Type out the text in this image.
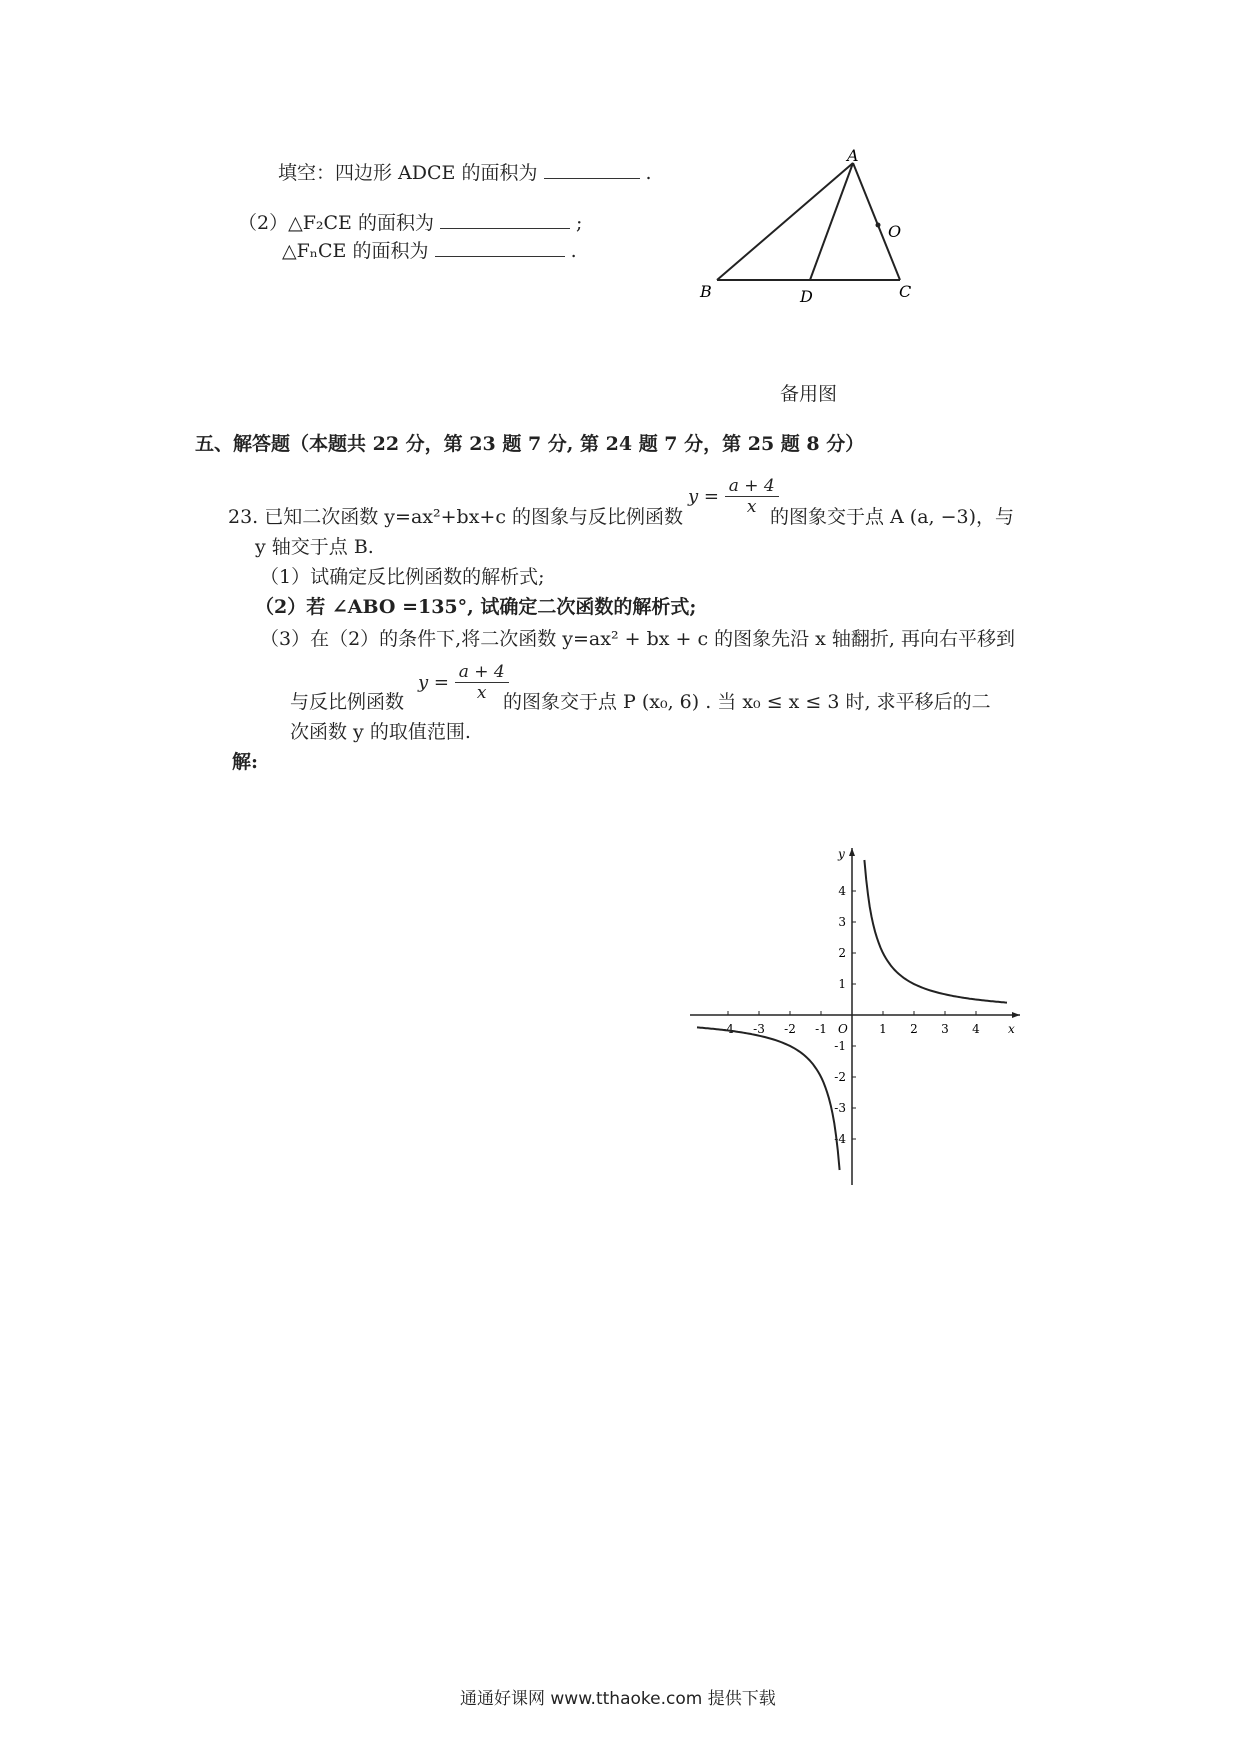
填空：四边形 ADCE 的面积为	.
（2）△F₂CE 的面积为	;
△FₙCE 的面积为	.
A
B	C
D
O
备用图
五、解答题（本题共 22 分，第 23 题 7 分, 第 24 题 7 分，第 25 题 8 分）
23. 已知二次函数 y=ax²+bx+c 的图象与反比例函数
$y = \frac{a + 4}{x}$
的图象交于点 A (a, −3)，与
y 轴交于点 B.
（1）试确定反比例函数的解析式;
（2）若 ∠ABO =135°, 试确定二次函数的解析式;
（3）在（2）的条件下,将二次函数 y=ax² + bx + c 的图象先沿 x 轴翻折, 再向右平移到
与反比例函数
$y = \frac{a + 4}{x}$
的图象交于点 P (x₀, 6) . 当 x₀ ≤ x ≤ 3 时, 求平移后的二
次函数 y 的取值范围.
解:
x
y
O
-4 -3 -2 -1	1 2 3 4
4
3
2
1
-1
-2
-3
-4
通通好课网 www.tthaoke.com 提供下载
